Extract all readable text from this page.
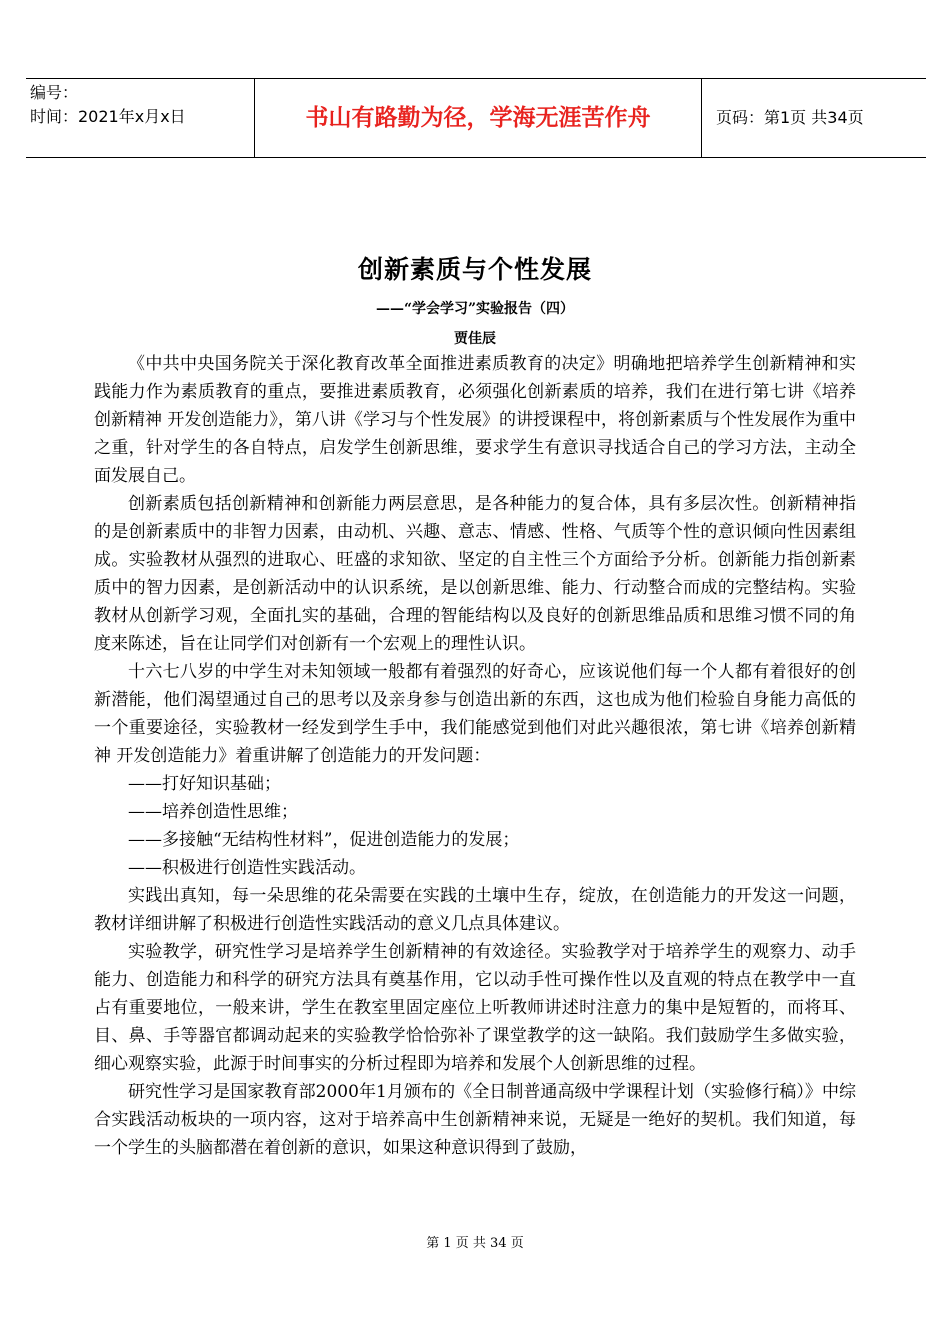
编号：
时间：2021年x月x日	书山有路勤为径，学海无涯苦作舟	页码：第1页 共34页
创新素质与个性发展
——“学会学习”实验报告（四）
贾佳辰

《中共中央国务院关于深化教育改革全面推进素质教育的决定》明确地把培养学生创新精神和实践能力作为素质教育的重点，要推进素质教育，必须强化创新素质的培养，我们在进行第七讲《培养创新精神 开发创造能力》，第八讲《学习与个性发展》的讲授课程中，将创新素质与个性发展作为重中之重，针对学生的各自特点，启发学生创新思维，要求学生有意识寻找适合自己的学习方法，主动全面发展自己。

创新素质包括创新精神和创新能力两层意思，是各种能力的复合体，具有多层次性。创新精神指的是创新素质中的非智力因素，由动机、兴趣、意志、情感、性格、气质等个性的意识倾向性因素组成。实验教材从强烈的进取心、旺盛的求知欲、坚定的自主性三个方面给予分析。创新能力指创新素质中的智力因素，是创新活动中的认识系统，是以创新思维、能力、行动整合而成的完整结构。实验教材从创新学习观，全面扎实的基础，合理的智能结构以及良好的创新思维品质和思维习惯不同的角度来陈述，旨在让同学们对创新有一个宏观上的理性认识。

十六七八岁的中学生对未知领域一般都有着强烈的好奇心，应该说他们每一个人都有着很好的创新潜能，他们渴望通过自己的思考以及亲身参与创造出新的东西，这也成为他们检验自身能力高低的一个重要途径，实验教材一经发到学生手中，我们能感觉到他们对此兴趣很浓，第七讲《培养创新精神 开发创造能力》着重讲解了创造能力的开发问题：

——打好知识基础；

——培养创造性思维；

——多接触“无结构性材料”，促进创造能力的发展；

——积极进行创造性实践活动。

实践出真知，每一朵思维的花朵需要在实践的土壤中生存，绽放，在创造能力的开发这一问题，教材详细讲解了积极进行创造性实践活动的意义几点具体建议。

实验教学，研究性学习是培养学生创新精神的有效途径。实验教学对于培养学生的观察力、动手能力、创造能力和科学的研究方法具有奠基作用，它以动手性可操作性以及直观的特点在教学中一直占有重要地位，一般来讲，学生在教室里固定座位上听教师讲述时注意力的集中是短暂的，而将耳、目、鼻、手等器官都调动起来的实验教学恰恰弥补了课堂教学的这一缺陷。我们鼓励学生多做实验，细心观察实验，此源于时间事实的分析过程即为培养和发展个人创新思维的过程。

研究性学习是国家教育部2000年1月颁布的《全日制普通高级中学课程计划（实验修行稿）》中综合实践活动板块的一项内容，这对于培养高中生创新精神来说，无疑是一绝好的契机。我们知道，每一个学生的头脑都潜在着创新的意识，如果这种意识得到了鼓励，

第 1 页 共 34 页
